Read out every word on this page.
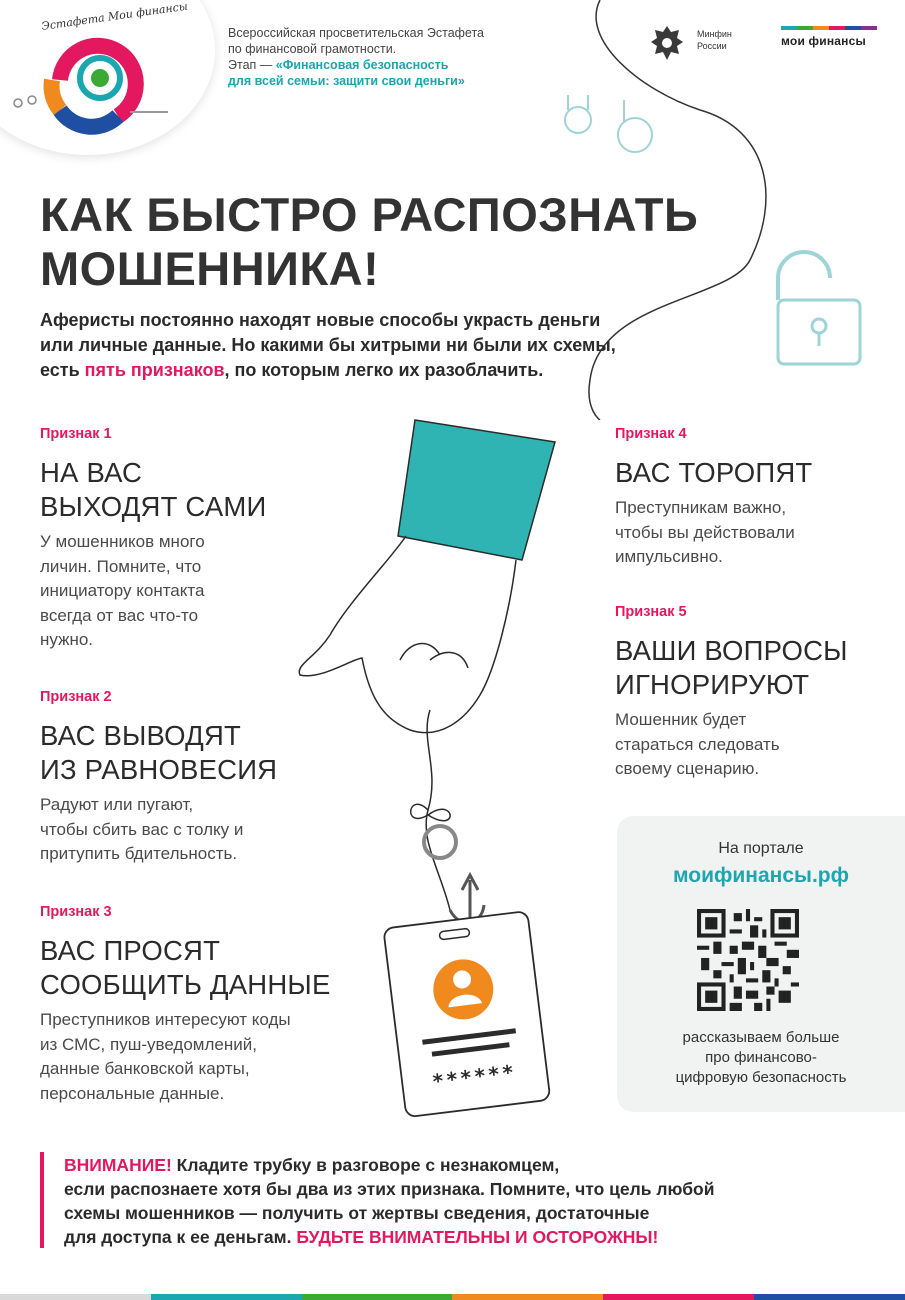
Эстафета Мои финансы
Всероссийская просветительская Эстафета
по финансовой грамотности.
Этап — «Финансовая безопасность
для всей семьи: защити свои деньги»
Минфин
России	мои финансы
КАК БЫСТРО РАСПОЗНАТЬ
МОШЕННИКА!
Аферисты постоянно находят новые способы украсть деньги
или личные данные. Но какими бы хитрыми ни были их схемы,
есть пять признаков, по которым легко их разоблачить.
Признак 1
НА ВАС
ВЫХОДЯТ САМИ
У мошенников много
личин. Помните, что
инициатору контакта
всегда от вас что-то
нужно.
Признак 2
ВАС ВЫВОДЯТ
ИЗ РАВНОВЕСИЯ
Радуют или пугают,
чтобы сбить вас с толку и
притупить бдительность.
Признак 3
ВАС ПРОСЯТ
СООБЩИТЬ ДАННЫЕ
Преступников интересуют коды
из СМС, пуш-уведомлений,
данные банковской карты,
персональные данные.
Признак 4
ВАС ТОРОПЯТ
Преступникам важно,
чтобы вы действовали
импульсивно.
Признак 5
ВАШИ ВОПРОСЫ
ИГНОРИРУЮТ
Мошенник будет
стараться следовать
своему сценарию.
******
На портале
моифинансы.рф
рассказываем больше
про финансово-
цифровую безопасность
ВНИМАНИЕ! Кладите трубку в разговоре с незнакомцем,
если распознаете хотя бы два из этих признака. Помните, что цель любой
схемы мошенников — получить от жертвы сведения, достаточные
для доступа к ее деньгам. БУДЬТЕ ВНИМАТЕЛЬНЫ И ОСТОРОЖНЫ!
